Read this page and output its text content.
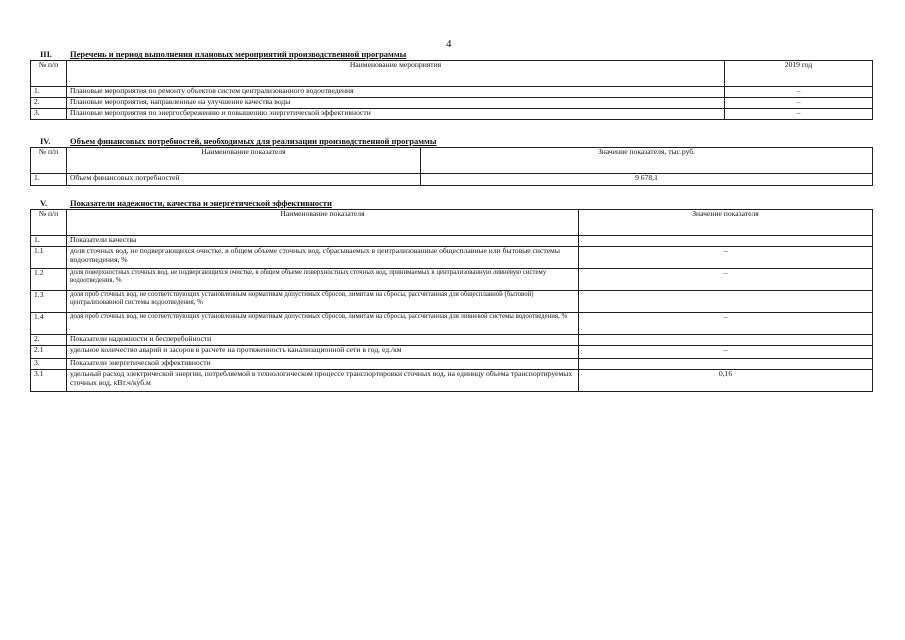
4
III. Перечень и период выполнения плановых мероприятий производственной программы
№ п/п	Наименование мероприятия	2019 год
1.	Плановые мероприятия по ремонту объектов систем централизованного водоотведения	–
2.	Плановые мероприятия, направленные на улучшение качества воды	–
3.	Плановые мероприятия по энергосбережению и повышению энергетической эффективности	–
IV. Объем финансовых потребностей, необходимых для реализации производственной программы
№ п/п	Наименование показателя	Значение показателя, тыс.руб.
1.	Объем финансовых потребностей	9 678,1
V.	Показатели надежности, качества и энергетической эффективности
№ п/п	Наименование показателя	Значение показателя
1.	Показатели качества	
1.1	доля сточных вод, не подвергающихся очистке, в общем объеме сточных вод, сбрасываемых в централизованные общесплавные или бытовые системы водоотведения, %	–
1.2	доля поверхностных сточных вод, не подвергающихся очистке, в общем объеме поверхностных сточных вод, принимаемых в централизованную ливневую систему водоотведения, %	–
1.3	доля проб сточных вод, не соответствующих установленным нормативам допустимых сбросов, лимитам на сбросы, рассчитанная для общесплавной (бытовой) централизованной системы водоотведения, %	
1.4	доля проб сточных вод, не соответствующих установленным нормативам допустимых сбросов, лимитам на сбросы, рассчитанная для ливневой системы водоотведения, %	–
2.	Показатели надежности и бесперебойности	
2.1	удельное количество аварий и засоров в расчете на протяженность канализационной сети в год, ед./км	–
3.	Показатели энергетической эффективности	
3.1	удельный расход электрической энергии, потребляемой в технологическом процессе транспортировки сточных вод, на единицу объема транспортируемых сточных вод, кВт.ч/куб.м	0,16
